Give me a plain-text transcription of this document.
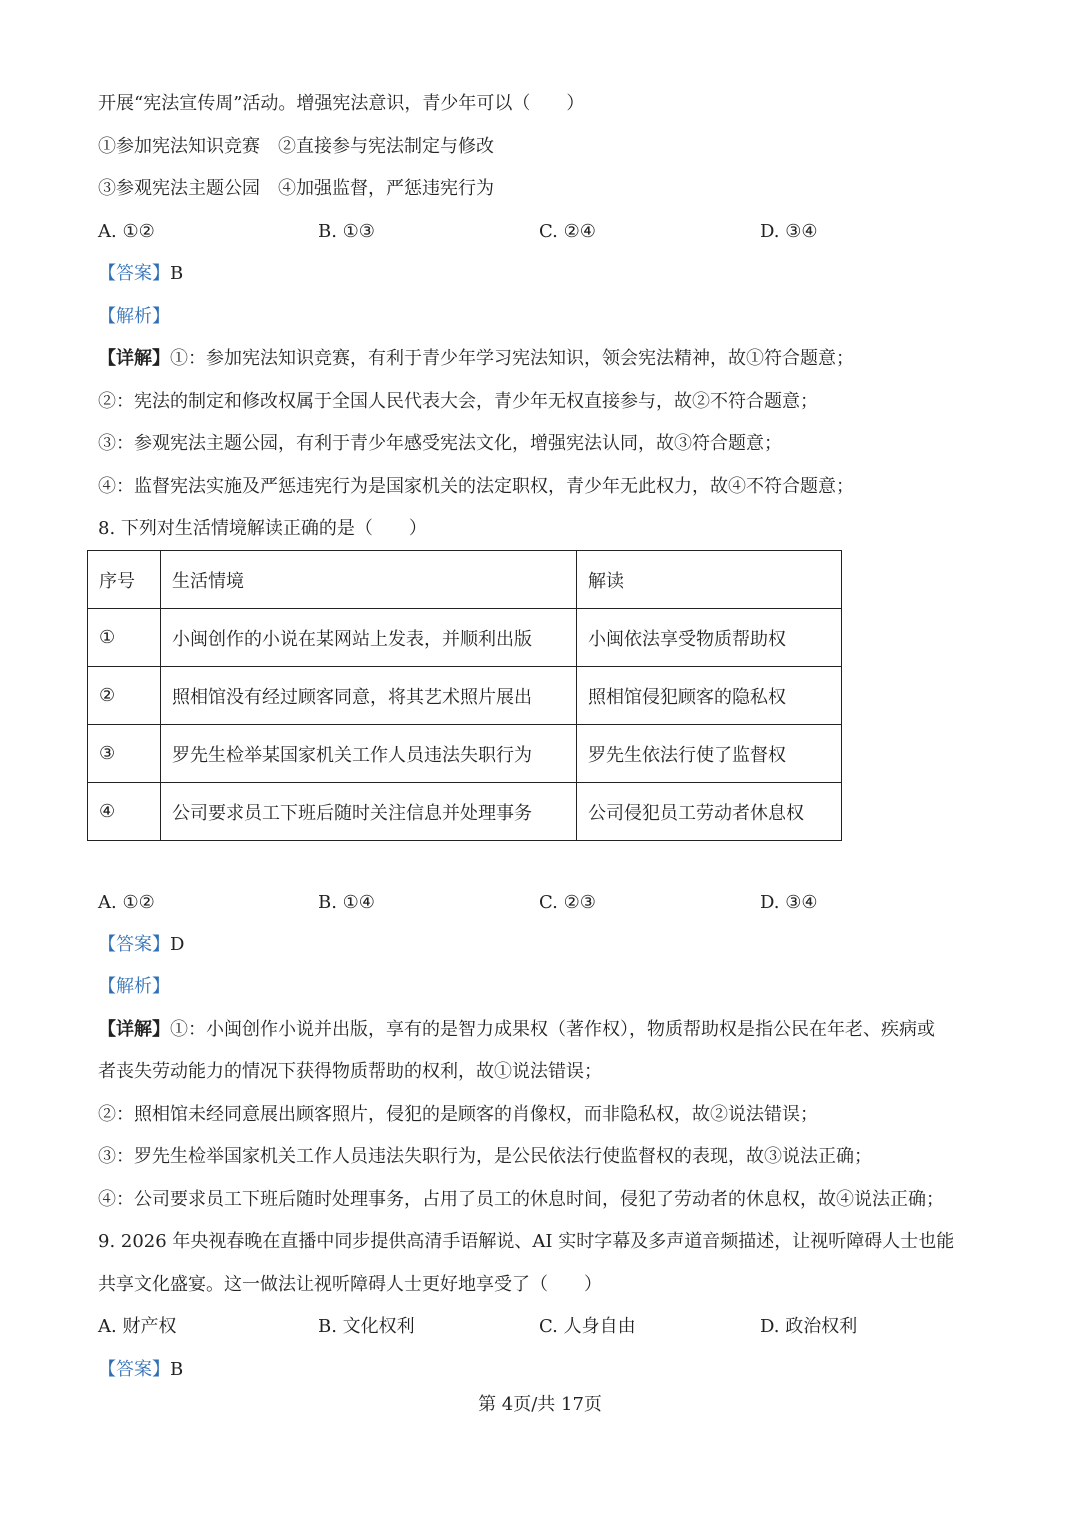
开展“宪法宣传周”活动。增强宪法意识，青少年可以（　　）
①参加宪法知识竞赛　②直接参与宪法制定与修改
③参观宪法主题公园　④加强监督，严惩违宪行为
A. ①②	B. ①③	C. ②④	D. ③④
【答案】B
【解析】
【详解】①：参加宪法知识竞赛，有利于青少年学习宪法知识，领会宪法精神，故①符合题意；
②：宪法的制定和修改权属于全国人民代表大会，青少年无权直接参与，故②不符合题意；
③：参观宪法主题公园，有利于青少年感受宪法文化，增强宪法认同，故③符合题意；
④：监督宪法实施及严惩违宪行为是国家机关的法定职权，青少年无此权力，故④不符合题意；
8. 下列对生活情境解读正确的是（　　）
序号	生活情境	解读
①	小闽创作的小说在某网站上发表，并顺利出版	小闽依法享受物质帮助权
②	照相馆没有经过顾客同意，将其艺术照片展出	照相馆侵犯顾客的隐私权
③	罗先生检举某国家机关工作人员违法失职行为	罗先生依法行使了监督权
④	公司要求员工下班后随时关注信息并处理事务	公司侵犯员工劳动者休息权
A. ①②	B. ①④	C. ②③	D. ③④
【答案】D
【解析】
【详解】①：小闽创作小说并出版，享有的是智力成果权（著作权），物质帮助权是指公民在年老、疾病或
者丧失劳动能力的情况下获得物质帮助的权利，故①说法错误；
②：照相馆未经同意展出顾客照片，侵犯的是顾客的肖像权，而非隐私权，故②说法错误；
③：罗先生检举国家机关工作人员违法失职行为，是公民依法行使监督权的表现，故③说法正确；
④：公司要求员工下班后随时处理事务，占用了员工的休息时间，侵犯了劳动者的休息权，故④说法正确；
9. 2026 年央视春晚在直播中同步提供高清手语解说、AI 实时字幕及多声道音频描述，让视听障碍人士也能
共享文化盛宴。这一做法让视听障碍人士更好地享受了（　　）
A. 财产权	B. 文化权利	C. 人身自由	D. 政治权利
【答案】B
第 4页/共 17页
